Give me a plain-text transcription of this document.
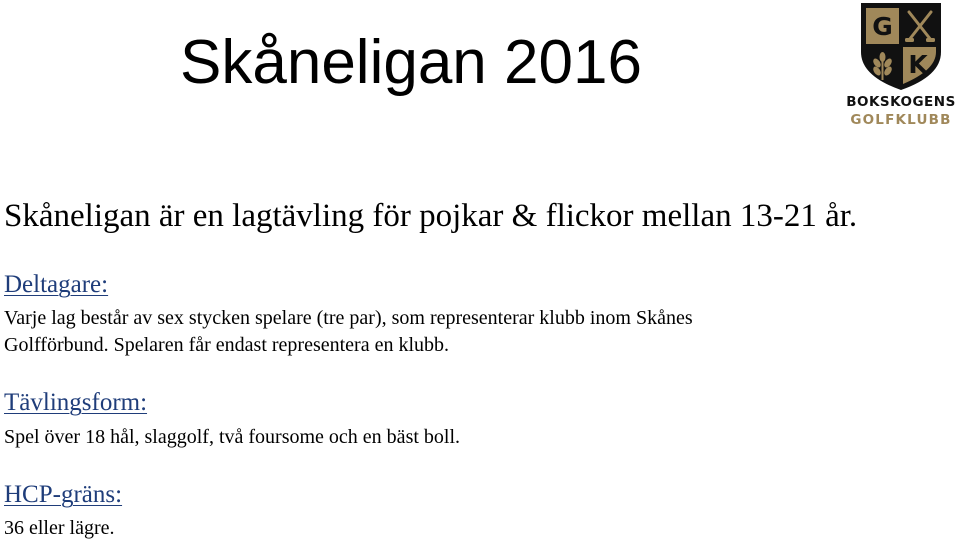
Skåneligan 2016
G
K
BOKSKOGENS
GOLFKLUBB

Skåneligan är en lagtävling för pojkar & flickor mellan 13-21 år.

Deltagare:

Varje lag består av sex stycken spelare (tre par), som representerar klubb inom Skånes

Golfförbund. Spelaren får endast representera en klubb.

Tävlingsform:

Spel över 18 hål, slaggolf, två foursome och en bäst boll.

HCP-gräns:

36 eller lägre.
